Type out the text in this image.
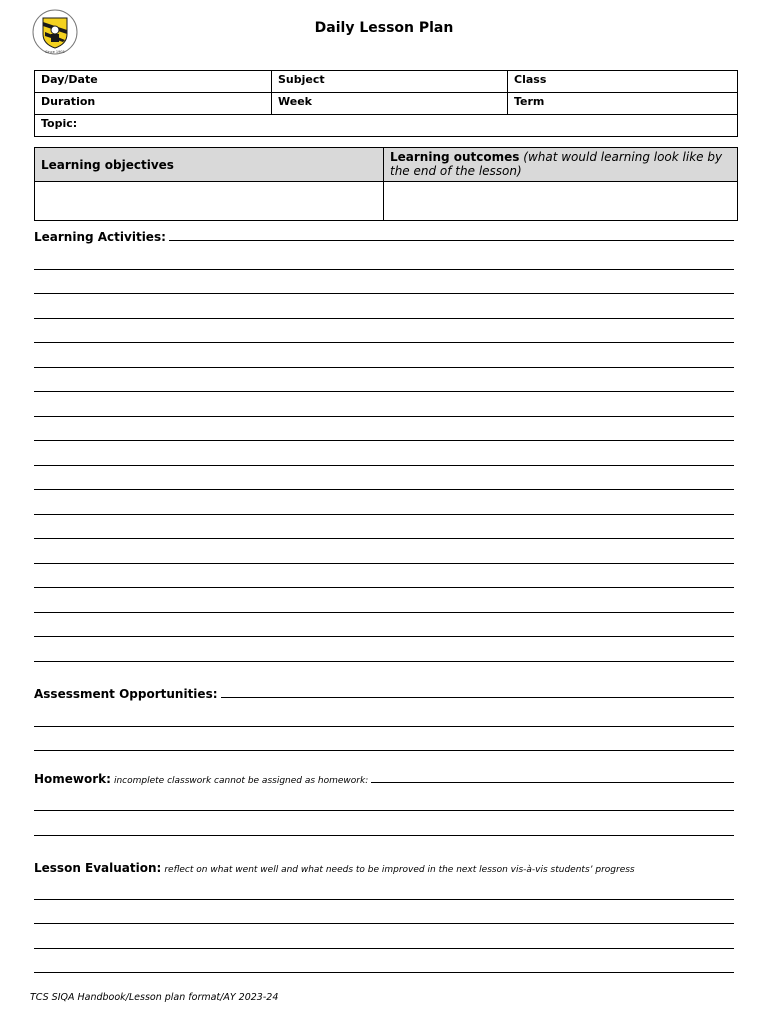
Since 1905
Daily Lesson Plan
Day/Date	Subject	Class
Duration	Week	Term
Topic:		
Learning objectives	Learning outcomes (what would learning look like by the end of the lesson)

Learning Activities:
Assessment Opportunities:
Homework: incomplete classwork cannot be assigned as homework:
Lesson Evaluation: reflect on what went well and what needs to be improved in the next lesson vis-à-vis students’ progress
TCS SIQA Handbook/Lesson plan format/AY 2023-24
